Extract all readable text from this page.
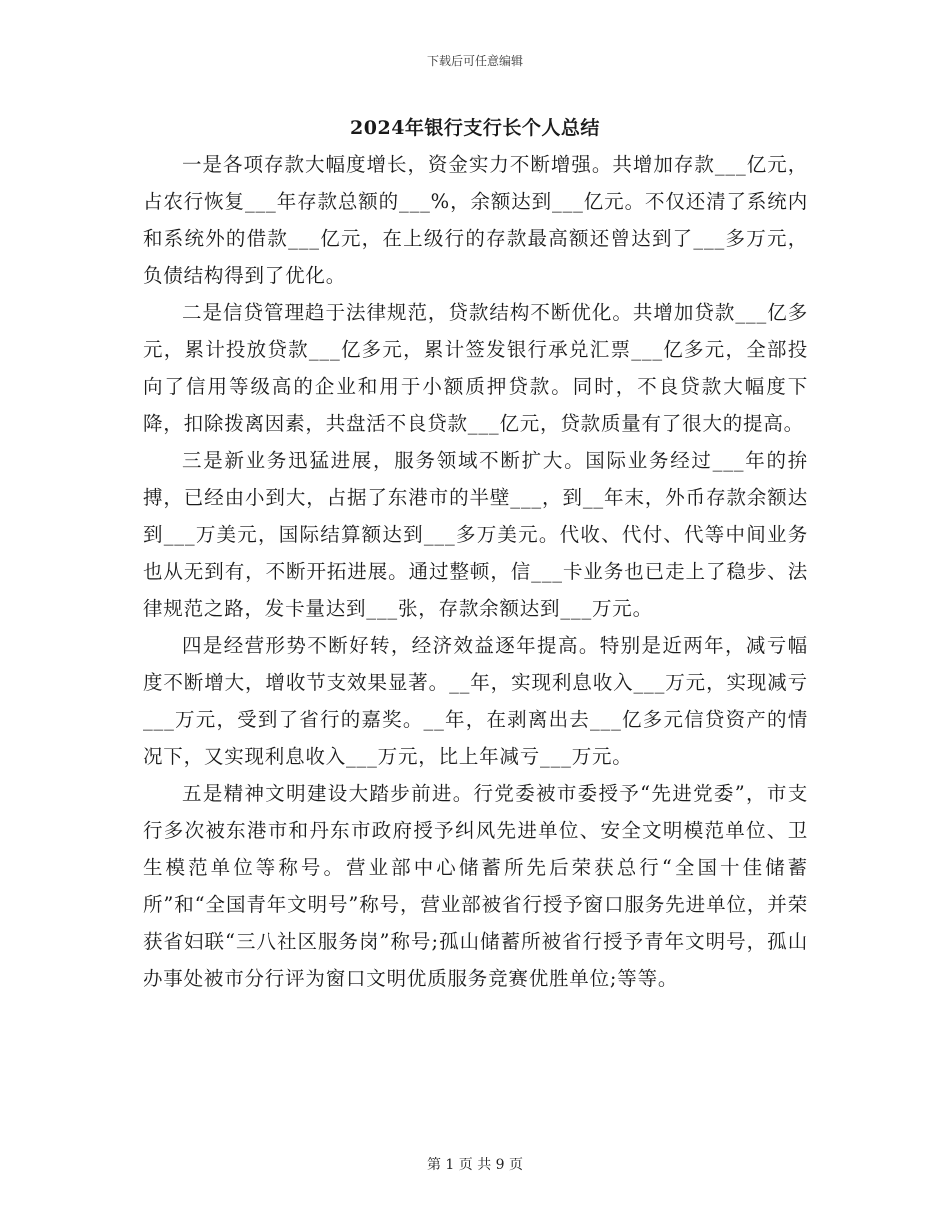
下载后可任意编辑
2024年银行支行长个人总结

一是各项存款大幅度增长，资金实力不断增强。共增加存款___亿元，占农行恢复___年存款总额的___%，余额达到___亿元。不仅还清了系统内和系统外的借款___亿元，在上级行的存款最高额还曾达到了___多万元，负债结构得到了优化。

二是信贷管理趋于法律规范，贷款结构不断优化。共增加贷款___亿多元，累计投放贷款___亿多元，累计签发银行承兑汇票___亿多元，全部投向了信用等级高的企业和用于小额质押贷款。同时，不良贷款大幅度下降，扣除拨离因素，共盘活不良贷款___亿元，贷款质量有了很大的提高。

三是新业务迅猛进展，服务领域不断扩大。国际业务经过___年的拚搏，已经由小到大，占据了东港市的半壁___，到__年末，外币存款余额达到___万美元，国际结算额达到___多万美元。代收、代付、代等中间业务也从无到有，不断开拓进展。通过整顿，信___卡业务也已走上了稳步、法律规范之路，发卡量达到___张，存款余额达到___万元。

四是经营形势不断好转，经济效益逐年提高。特别是近两年，减亏幅度不断增大，增收节支效果显著。__年，实现利息收入___万元，实现减亏___万元，受到了省行的嘉奖。__年，在剥离出去___亿多元信贷资产的情况下，又实现利息收入___万元，比上年减亏___万元。

五是精神文明建设大踏步前进。行党委被市委授予“先进党委”，市支行多次被东港市和丹东市政府授予纠风先进单位、安全文明模范单位、卫生模范单位等称号。营业部中心储蓄所先后荣获总行“全国十佳储蓄所”和“全国青年文明号”称号，营业部被省行授予窗口服务先进单位，并荣获省妇联“三八社区服务岗”称号;孤山储蓄所被省行授予青年文明号，孤山办事处被市分行评为窗口文明优质服务竞赛优胜单位;等等。

第 1 页 共 9 页
